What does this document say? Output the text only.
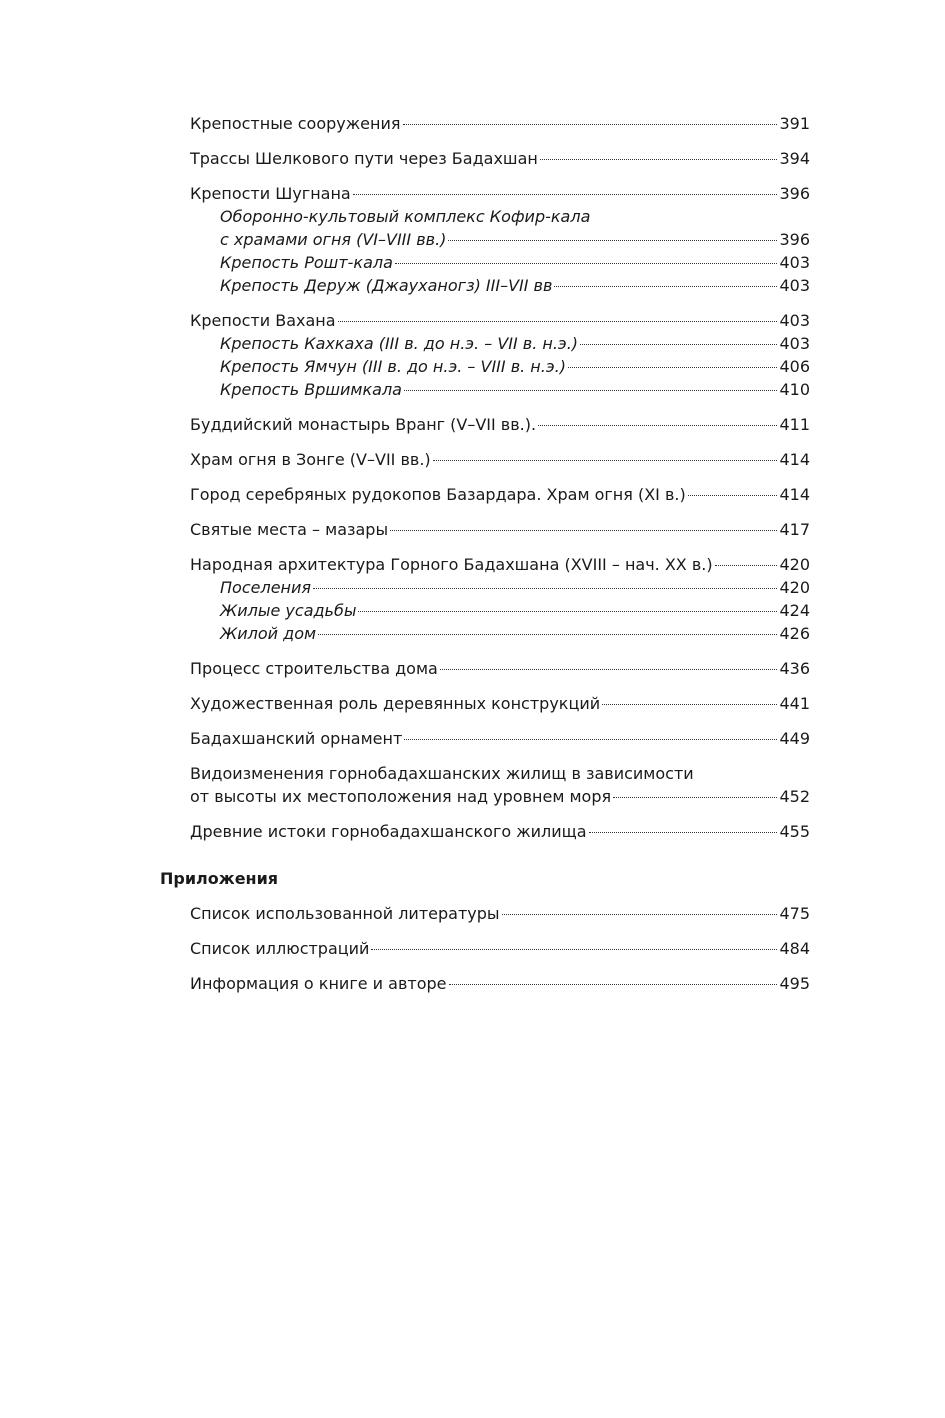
Крепостные сооружения	391
Трассы Шелкового пути через Бадахшан	394
Крепости Шугнана	396
Оборонно-культовый комплекс Кофир-кала
с храмами огня (VI–VIII вв.)	396
Крепость Рошт-кала	403
Крепость Деруж (Джауханогз) III–VII вв	403
Крепости Вахана	403
Крепость Кахкаха (III в. до н.э. – VII в. н.э.)	403
Крепость Ямчун (III в. до н.э. – VIII в. н.э.)	406
Крепость Вршимкала	410
Буддийский монастырь Вранг (V–VII вв.).	411
Храм огня в Зонге (V–VII вв.)	414
Город серебряных рудокопов Базардара. Храм огня (XI в.)	414
Святые места – мазары	417
Народная архитектура Горного Бадахшана (XVIII – нач. XX в.)	420
Поселения	420
Жилые усадьбы	424
Жилой дом	426
Процесс строительства дома	436
Художественная роль деревянных конструкций	441
Бадахшанский орнамент	449
Видоизменения горнобадахшанских жилищ в зависимости
от высоты их местоположения над уровнем моря	452
Древние истоки горнобадахшанского жилища	455
Приложения
Список использованной литературы	475
Список иллюстраций	484
Информация о книге и авторе	495
